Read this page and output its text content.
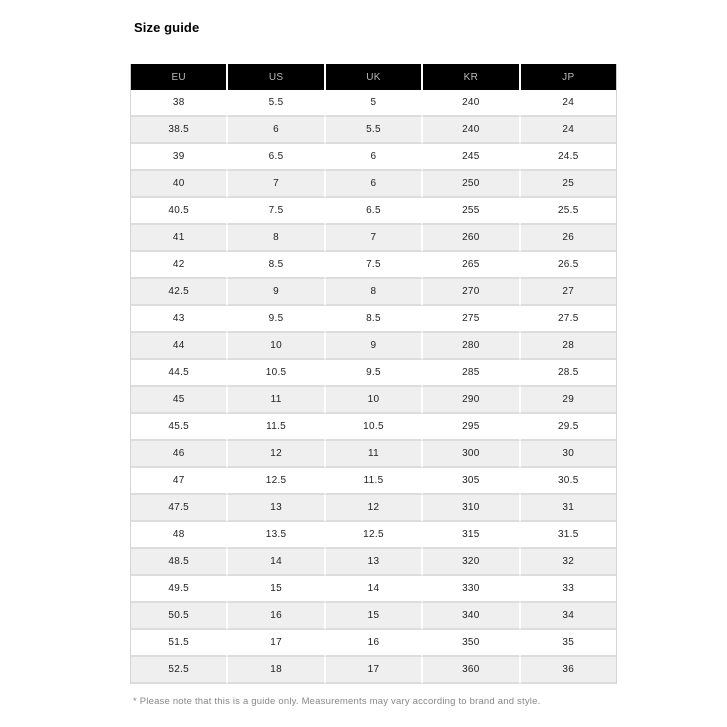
Size guide
EU	US	UK	KR	JP
38	5.5	5	240	24
38.5	6	5.5	240	24
39	6.5	6	245	24.5
40	7	6	250	25
40.5	7.5	6.5	255	25.5
41	8	7	260	26
42	8.5	7.5	265	26.5
42.5	9	8	270	27
43	9.5	8.5	275	27.5
44	10	9	280	28
44.5	10.5	9.5	285	28.5
45	11	10	290	29
45.5	11.5	10.5	295	29.5
46	12	11	300	30
47	12.5	11.5	305	30.5
47.5	13	12	310	31
48	13.5	12.5	315	31.5
48.5	14	13	320	32
49.5	15	14	330	33
50.5	16	15	340	34
51.5	17	16	350	35
52.5	18	17	360	36
* Please note that this is a guide only. Measurements may vary according to brand and style.
